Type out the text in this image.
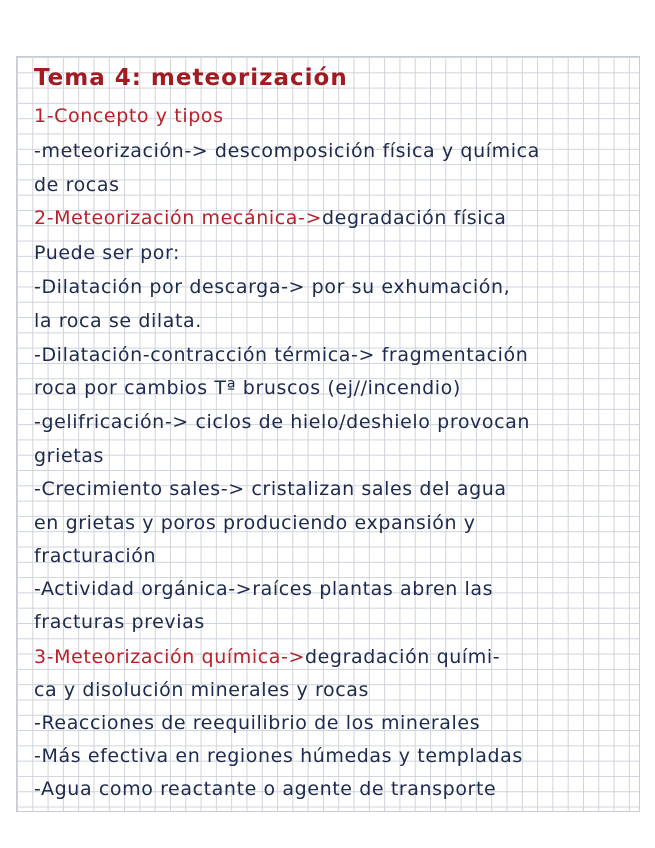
Tema 4: meteorización
1-Concepto y tipos
-meteorización-> descomposición física y química
de rocas
2-Meteorización mecánica->degradación física
Puede ser por:
-Dilatación por descarga-> por su exhumación,
la roca se dilata.
-Dilatación-contracción térmica-> fragmentación
roca por cambios Tª bruscos (ej//incendio)
-gelifricación-> ciclos de hielo/deshielo provocan
grietas
-Crecimiento sales-> cristalizan sales del agua
en grietas y poros produciendo expansión y
fracturación
-Actividad orgánica->raíces plantas abren las
fracturas previas
3-Meteorización química->degradación quími-
ca y disolución minerales y rocas
-Reacciones de reequilibrio de los minerales
-Más efectiva en regiones húmedas y templadas
-Agua como reactante o agente de transporte
